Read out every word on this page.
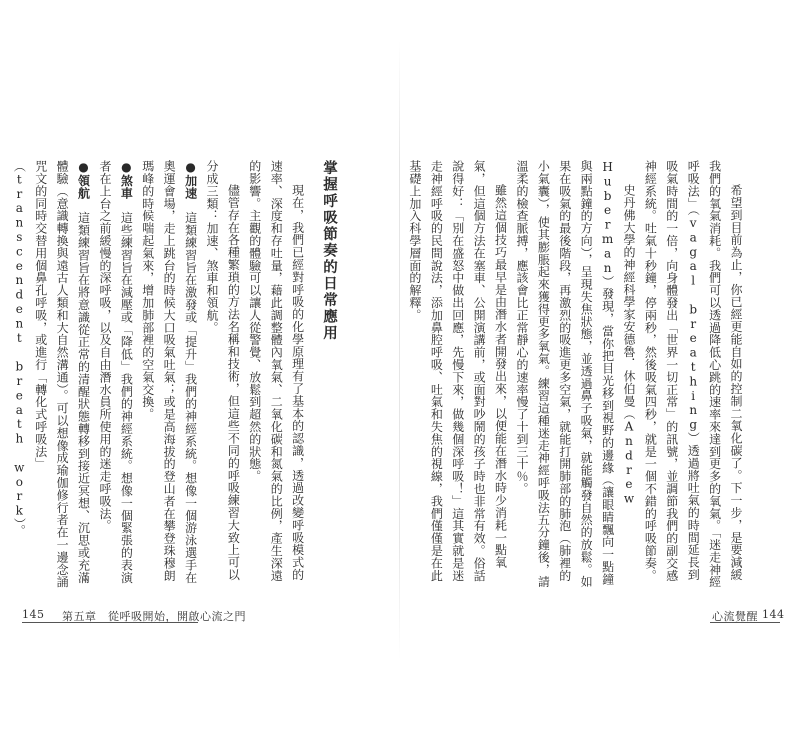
掌握呼吸節奏的日常應用

現在，我們已經對呼吸的化學原理有了基本的認識，透過改變呼吸模式的速率、深度和存吐量，藉此調整體內氧氣、二氧化碳和氮氣的比例，產生深遠的影響。主觀的體驗可以讓人從警覺、放鬆到超然的狀態。

儘管存在各種繁瑣的方法名稱和技術，但這些不同的呼吸練習大致上可以分成三類：加速、煞車和領航。

●加速　這類練習旨在激發或「提升」我們的神經系統。想像一個游泳選手在奧運會場，走上跳台的時候大口吸氣吐氣；或是高海拔的登山者在攀登珠穆朗瑪峰的時候喘起氣來，增加肺部裡的空氣交換。

●煞車　這些練習旨在減壓或「降低」我們的神經系統。想像一個緊張的表演者在上台之前緩慢的深呼吸，以及自由潛水員所使用的迷走呼吸法。

●領航　這類練習旨在將意識從正常的清醒狀態轉移到接近冥想、沉思或充滿體驗（意識轉換與遠古人類和大自然溝通）。可以想像成瑜伽修行者在一邊念誦咒文的同時交替用個鼻孔呼吸，或進行「轉化式呼吸法」（transcendent breath work）。

145 第五章　從呼吸開始，開啟心流之門	心流覺醒 144

希望到目前為止，你已經更能自如的控制二氧化碳了。下一步，是要減緩我們的氧氣消耗。我們可以透過降低心跳的速率來達到更多的氧氣。「迷走神經呼吸法」（vagal breathing）透過將吐氣的時間延長到吸氣時間的一倍，向身體發出「世界一切正常」的訊號，並調節我們的副交感神經系統。吐氣十秒鐘，停兩秒，然後吸氣四秒，就是一個不錯的呼吸節奏。

史丹佛大學的神經科學家安德魯．休伯曼（Andrew Huberman）發現，當你把目光移到視野的邊緣（讓眼睛飄向一點鐘與兩點鐘的方向），呈現失焦狀態，並透過鼻子吸氣，就能觸發自然的放鬆。如果在吸氣的最後階段，再激烈的吸進更多空氣，就能打開肺部的肺泡（肺裡的小氣囊），使其膨脹起來獲得更多氧氣。練習這種迷走神經呼吸法五分鐘後，請溫柔的檢查脈搏，應該會比正常靜心的速率慢了十到三十％。

雖然這個技巧最早是由潛水者開發出來，以便能在潛水時少消耗一點氧氣，但這個方法在塞車、公開演講前，或面對吵鬧的孩子時也非常有效。俗話說得好：「別在盛怒中做出回應，先慢下來，做幾個深呼吸！」這其實就是迷走神經呼吸的民間說法，添加鼻腔呼吸、吐氣和失焦的視線，我們僅僅是在此基礎上加入科學層面的解釋。
